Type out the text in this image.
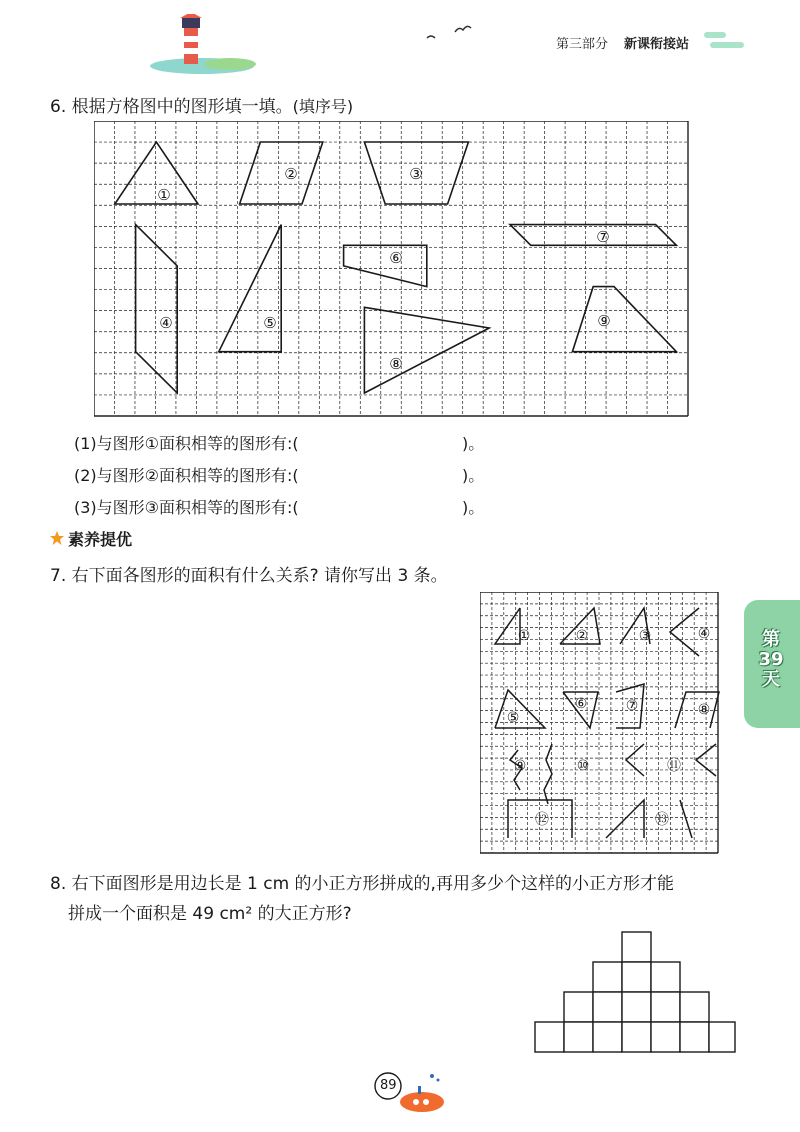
第三部分 新课衔接站
6. 根据方格图中的图形填一填。(填序号)
①
②	③
④	⑤
⑥
⑦
⑧
⑨
(1)与图形①面积相等的图形有:(	)。
(2)与图形②面积相等的图形有:(	)。
(3)与图形③面积相等的图形有:(	)。
素养提优
7. 右下面各图形的面积有什么关系? 请你写出 3 条。
①	②	③	④
⑤
⑥	⑦	⑧
⑨	⑩	⑪
⑫	⑬
第39天
8. 右下面图形是用边长是 1 cm 的小正方形拼成的,再用多少个这样的小正方形才能
拼成一个面积是 49 cm² 的大正方形?
89
